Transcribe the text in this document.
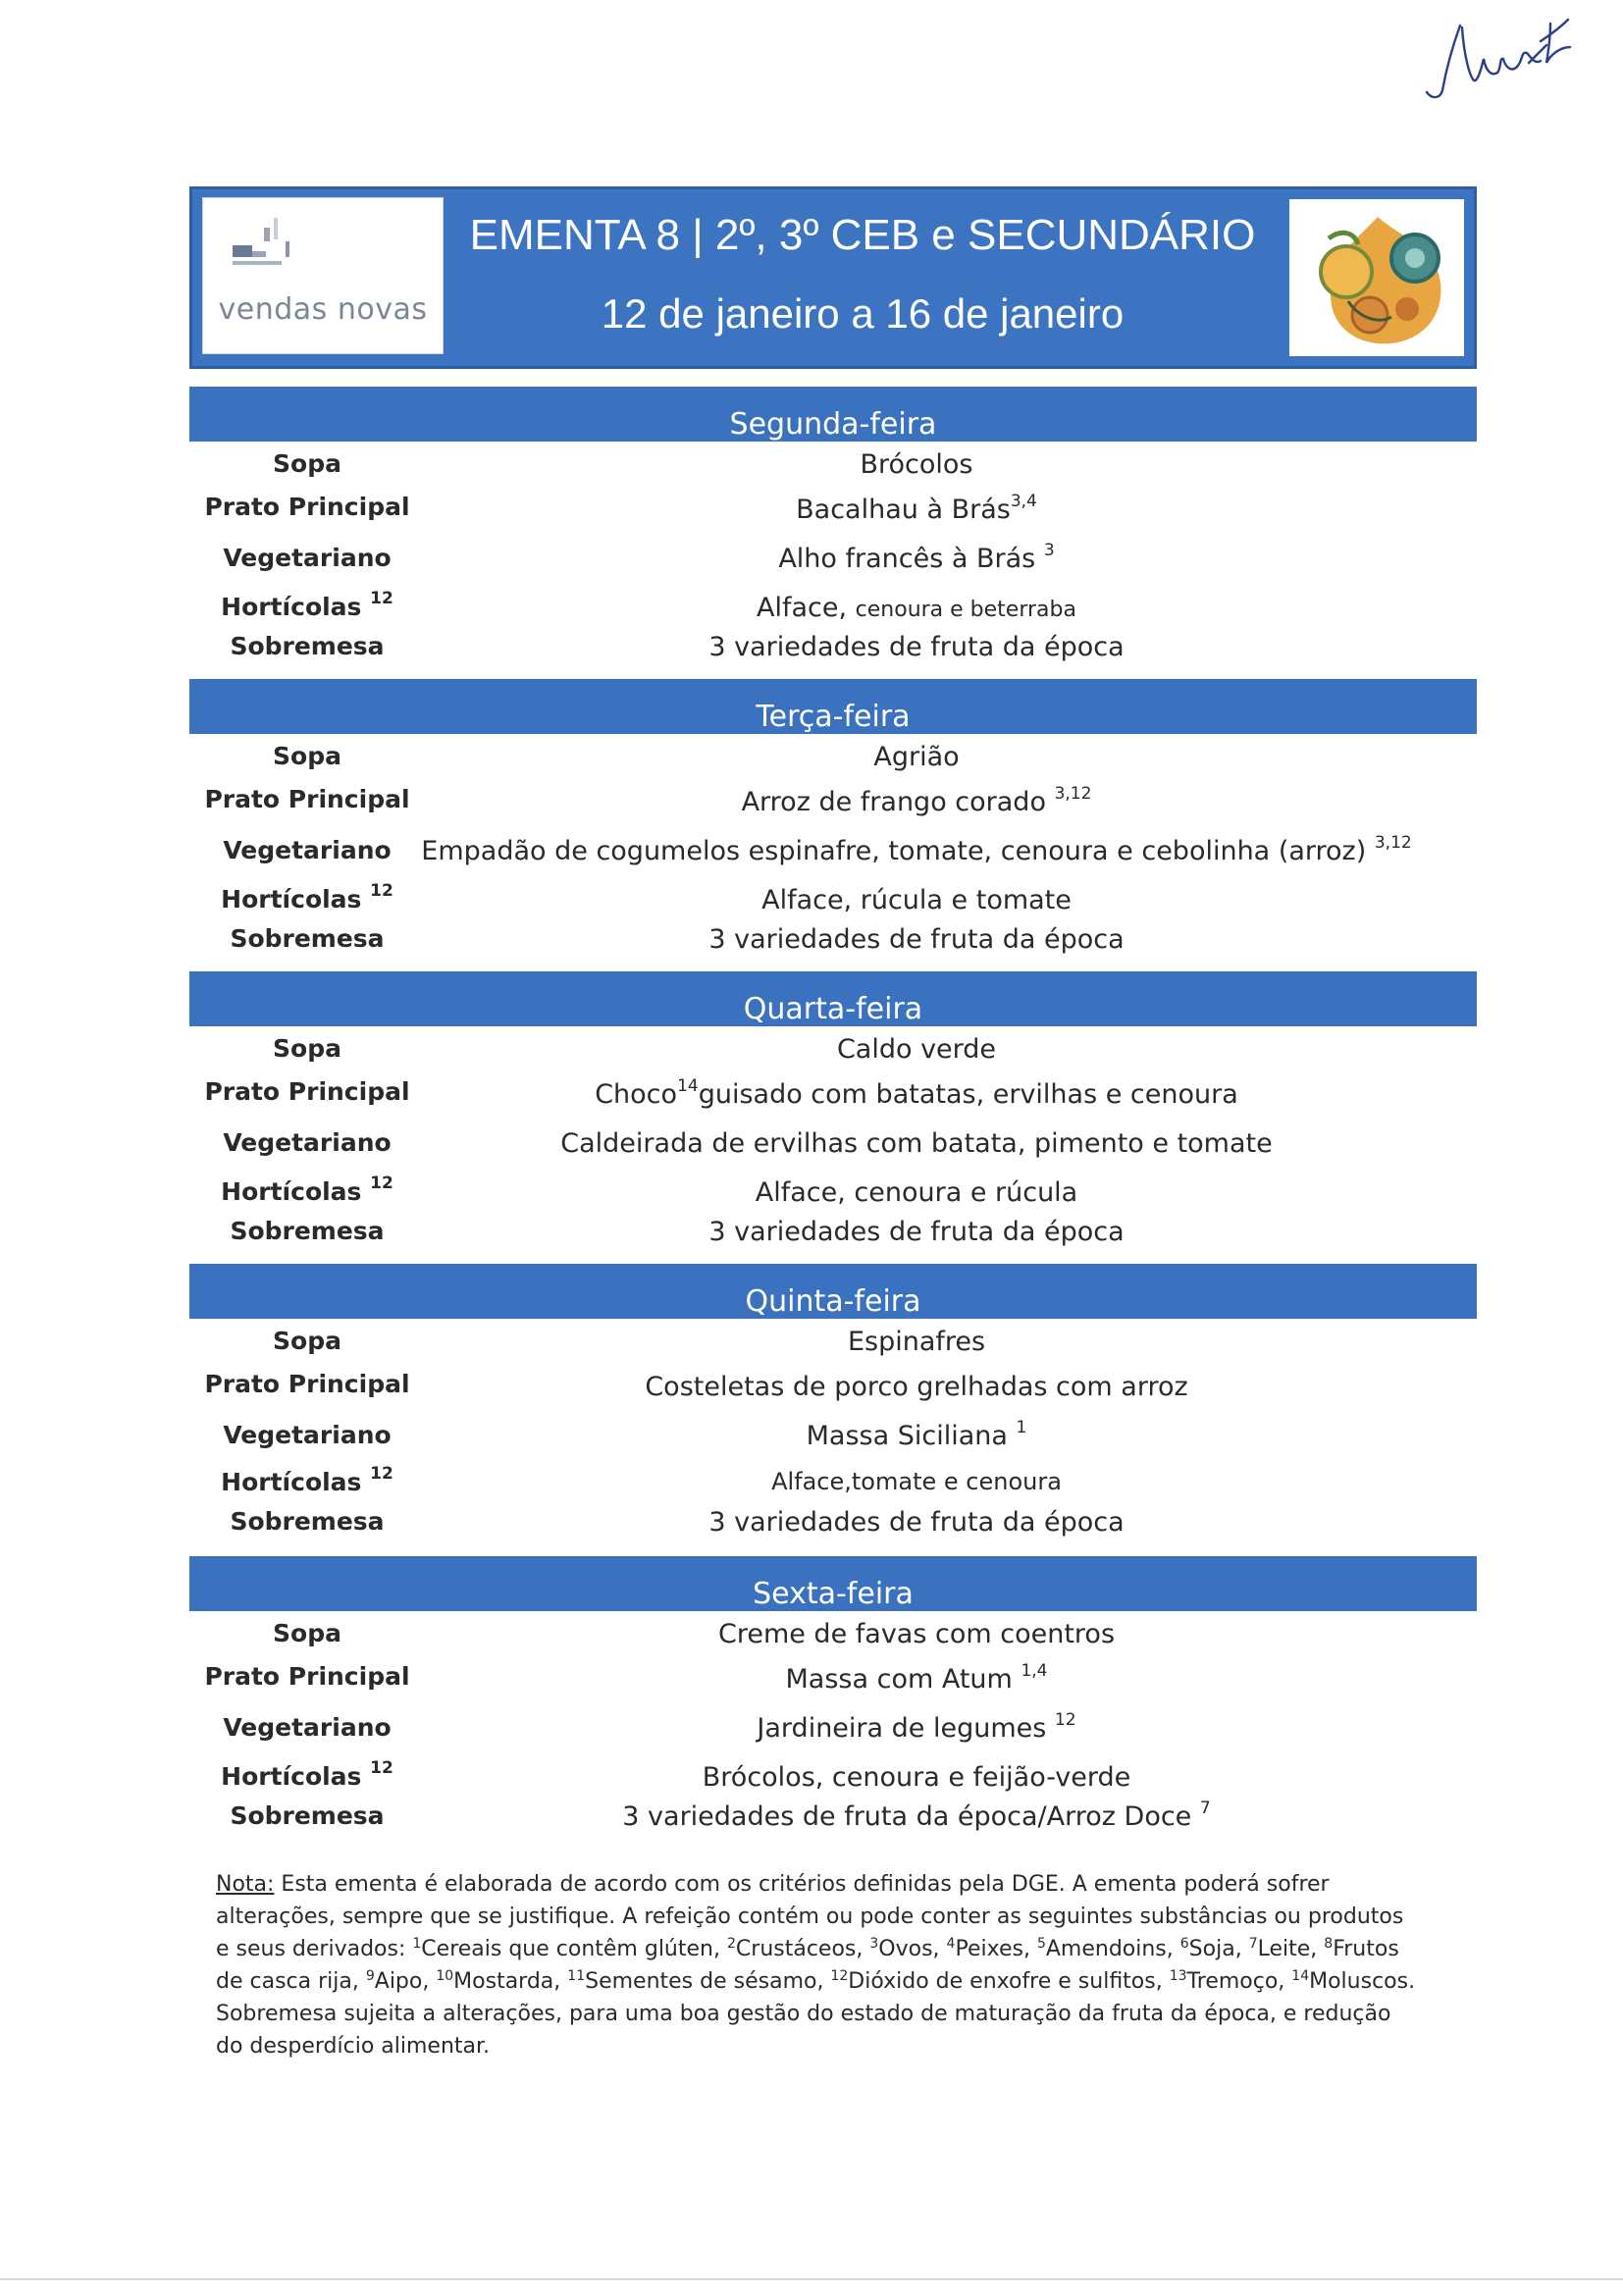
vendas novas
EMENTA 8 | 2º, 3º CEB e SECUNDÁRIO
12 de janeiro a 16 de janeiro
Segunda-feira
Sopa	Brócolos
Prato Principal	Bacalhau à Brás$^{3,4}$
Vegetariano	Alho francês à Brás $^3$
Hortícolas $^{12}$	Alface, cenoura e beterraba
Sobremesa	3 variedades de fruta da época
Terça-feira
Sopa	Agrião
Prato Principal	Arroz de frango corado $^{3,12}$
Vegetariano	Empadão de cogumelos espinafre, tomate, cenoura e cebolinha (arroz) $^{3,12}$
Hortícolas $^{12}$	Alface, rúcula e tomate
Sobremesa	3 variedades de fruta da época
Quarta-feira
Sopa	Caldo verde
Prato Principal	Choco$^{14}$guisado com batatas, ervilhas e cenoura
Vegetariano	Caldeirada de ervilhas com batata, pimento e tomate
Hortícolas $^{12}$	Alface, cenoura e rúcula
Sobremesa	3 variedades de fruta da época
Quinta-feira
Sopa	Espinafres
Prato Principal	Costeletas de porco grelhadas com arroz
Vegetariano	Massa Siciliana $^1$
Hortícolas $^{12}$	Alface,tomate e cenoura
Sobremesa	3 variedades de fruta da época
Sexta-feira
Sopa	Creme de favas com coentros
Prato Principal	Massa com Atum $^{1,4}$
Vegetariano	Jardineira de legumes $^{12}$
Hortícolas $^{12}$	Brócolos, cenoura e feijão-verde
Sobremesa	3 variedades de fruta da época/Arroz Doce $^7$
Nota: Esta ementa é elaborada de acordo com os critérios definidas pela DGE. A ementa poderá sofrer alterações, sempre que se justifique. A refeição contém ou pode conter as seguintes substâncias ou produtos e seus derivados: $^1$Cereais que contêm glúten, $^2$Crustáceos, $^3$Ovos, $^4$Peixes, $^5$Amendoins, $^6$Soja, $^7$Leite, $^8$Frutos de casca rija, $^9$Aipo, $^{10}$Mostarda, $^{11}$Sementes de sésamo, $^{12}$Dióxido de enxofre e sulfitos, $^{13}$Tremoço, $^{14}$Moluscos. Sobremesa sujeita a alterações, para uma boa gestão do estado de maturação da fruta da época, e redução do desperdício alimentar.
